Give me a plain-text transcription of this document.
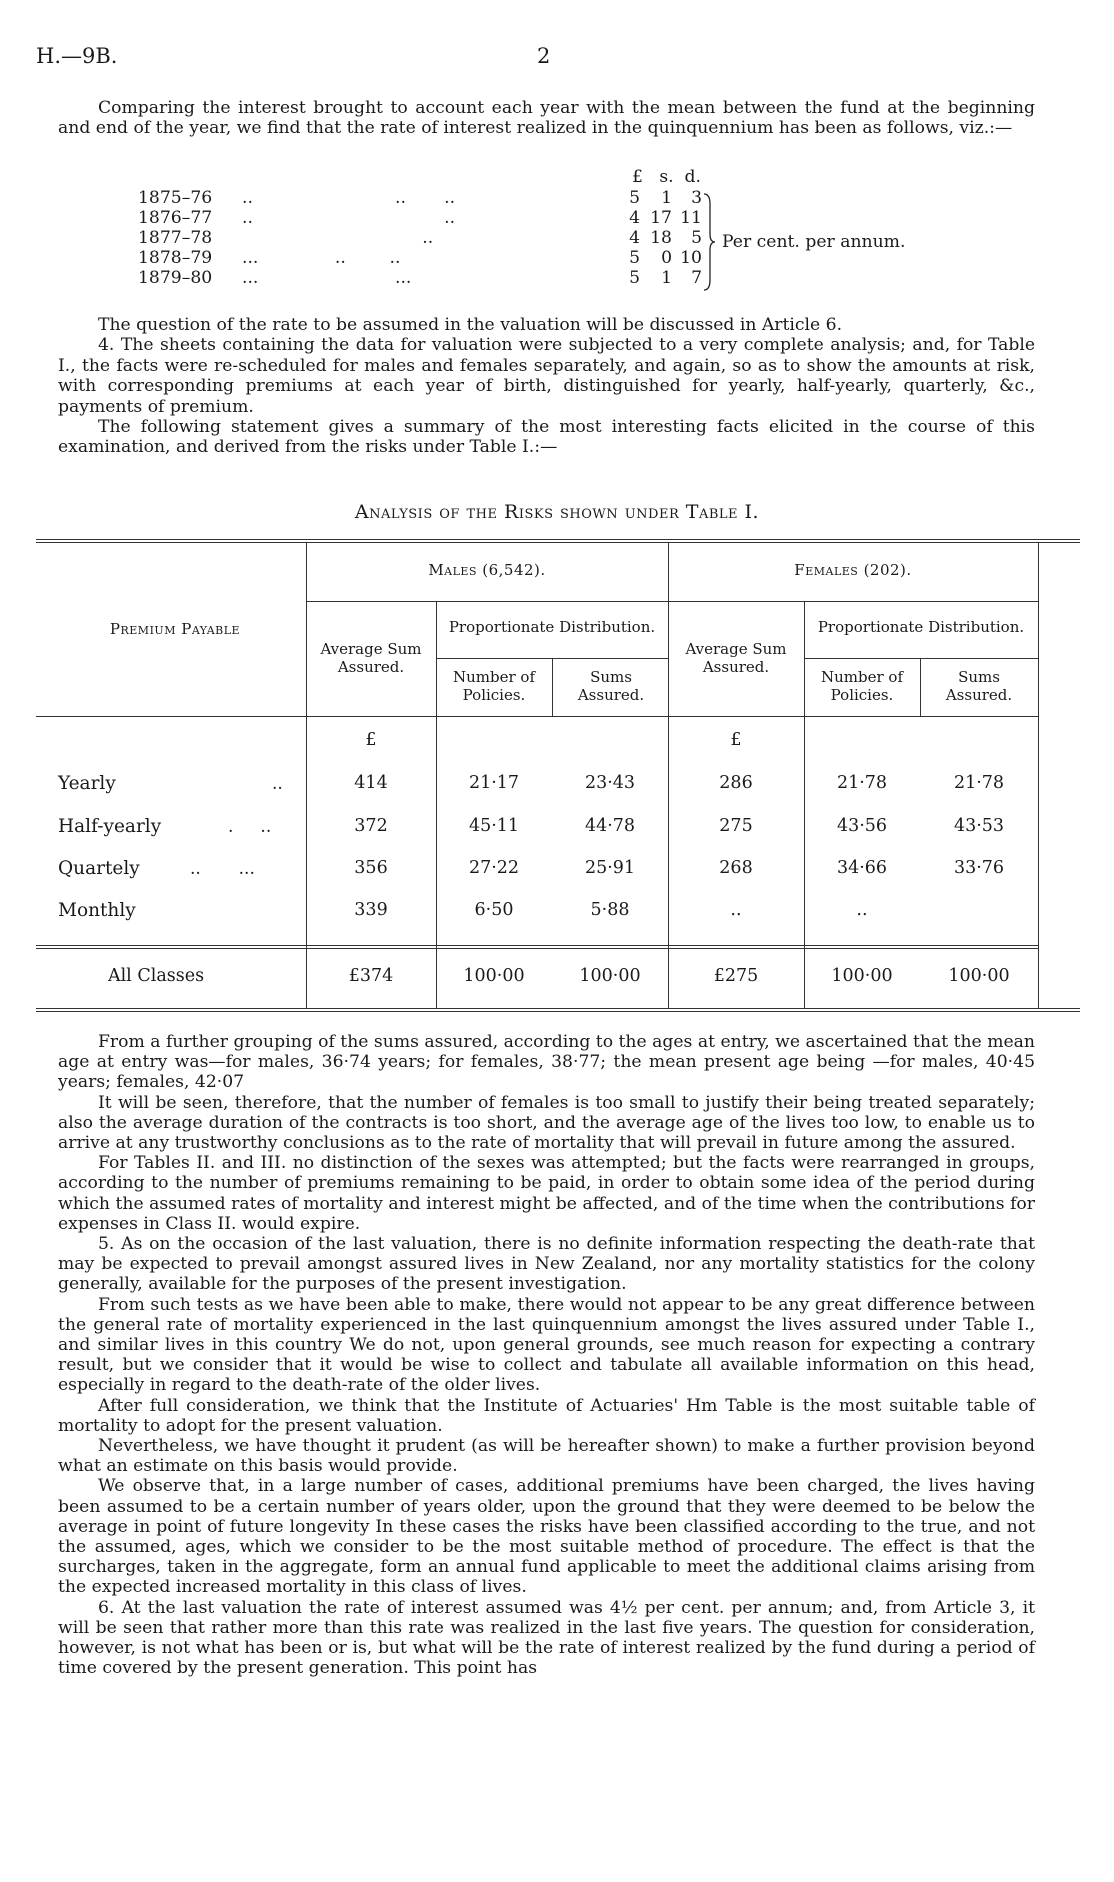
H.—9B.	2

Comparing the interest brought to account each year with the mean between the fund at the beginning and end of the year, we find that the rate of interest realized in the quinquennium has been as follows, viz.:—

£   s.  d.
1875–76	..                          ..       ..	5	1	3
1876–77	..                                   ..	4 17 11
1877–78	..	4 18	5
1878–79	...              ..        ..	5	0 10
1879–80	...                         ...	5	1	7
Per cent. per annum.

The question of the rate to be assumed in the valuation will be discussed in Article 6.

4. The sheets containing the data for valuation were subjected to a very complete analysis; and, for Table I., the facts were re-scheduled for males and females separately, and again, so as to show the amounts at risk, with corresponding premiums at each year of birth, distinguished for yearly, half-yearly, quarterly, &c., payments of premium.

The following statement gives a summary of the most interesting facts elicited in the course of this examination, and derived from the risks under Table I.:—

Analysis of the Risks shown under Table I.
Premium Payable
Males (6,542).	Females (202).
Average Sum Assured.
Proportionate Distribution.
Number of Policies.
Sums Assured.
Average Sum Assured.
Proportionate Distribution.
Number of Policies.
Sums Assured.
£	£
Yearly	..	414	21·17	23·43	286	21·78	21·78
Half-yearly	.     ..	372	45·11	44·78	275	43·56	43·53
Quartely	..       ...	356	27·22	25·91	268	34·66	33·76
Monthly	339	6·50	5·88	..	..
All Classes	£374	100·00	100·00	£275	100·00	100·00

From a further grouping of the sums assured, according to the ages at entry, we ascertained that the mean age at entry was—for males, 36·74 years; for females, 38·77; the mean present age being —for males, 40·45 years; females, 42·07

It will be seen, therefore, that the number of females is too small to justify their being treated separately; also the average duration of the contracts is too short, and the average age of the lives too low, to enable us to arrive at any trustworthy conclusions as to the rate of mortality that will prevail in future among the assured.

For Tables II. and III. no distinction of the sexes was attempted; but the facts were rearranged in groups, according to the number of premiums remaining to be paid, in order to obtain some idea of the period during which the assumed rates of mortality and interest might be affected, and of the time when the contributions for expenses in Class II. would expire.

5. As on the occasion of the last valuation, there is no definite information respecting the death-rate that may be expected to prevail amongst assured lives in New Zealand, nor any mortality statistics for the colony generally, available for the purposes of the present investigation.

From such tests as we have been able to make, there would not appear to be any great difference between the general rate of mortality experienced in the last quinquennium amongst the lives assured under Table I., and similar lives in this country We do not, upon general grounds, see much reason for expecting a contrary result, but we consider that it would be wise to collect and tabulate all available information on this head, especially in regard to the death-rate of the older lives.

After full consideration, we think that the Institute of Actuaries' Hm Table is the most suitable table of mortality to adopt for the present valuation.

Nevertheless, we have thought it prudent (as will be hereafter shown) to make a further provision beyond what an estimate on this basis would provide.

We observe that, in a large number of cases, additional premiums have been charged, the lives having been assumed to be a certain number of years older, upon the ground that they were deemed to be below the average in point of future longevity In these cases the risks have been classified according to the true, and not the assumed, ages, which we consider to be the most suitable method of procedure. The effect is that the surcharges, taken in the aggregate, form an annual fund applicable to meet the additional claims arising from the expected increased mortality in this class of lives.

6. At the last valuation the rate of interest assumed was 4½ per cent. per annum; and, from Article 3, it will be seen that rather more than this rate was realized in the last five years. The question for consideration, however, is not what has been or is, but what will be the rate of interest realized by the fund during a period of time covered by the present generation. This point has
